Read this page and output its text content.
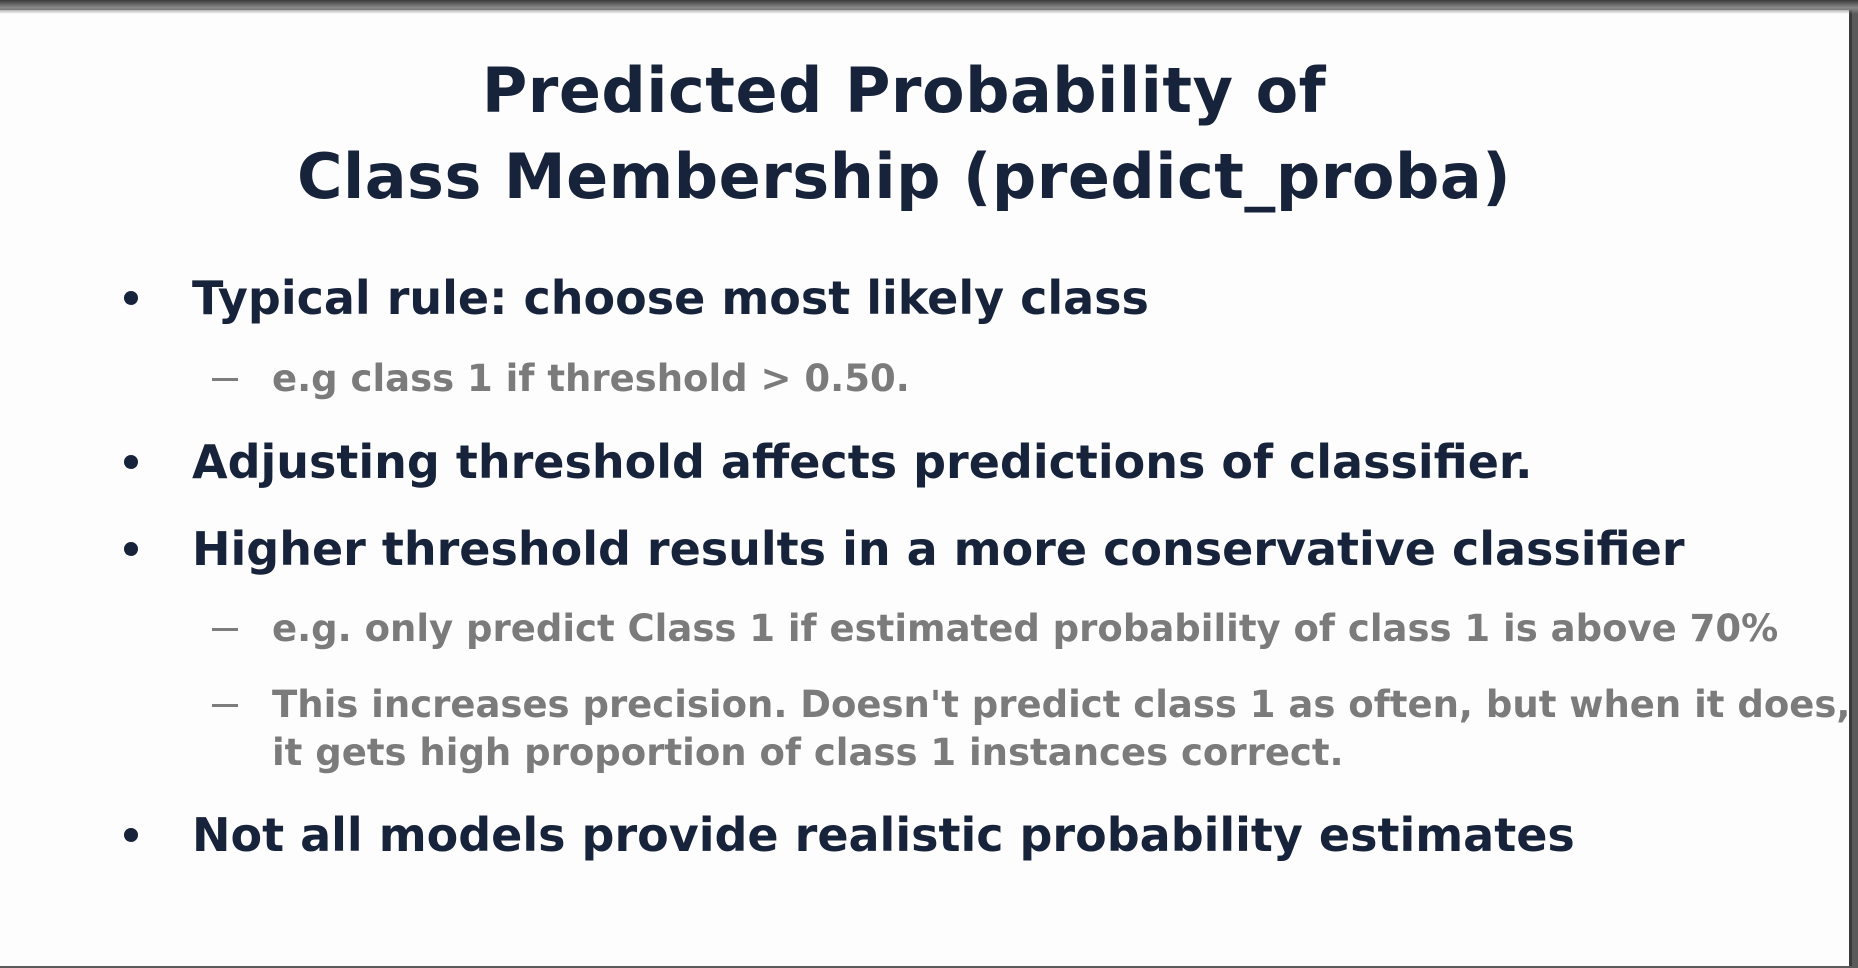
Predicted Probability of
Class Membership (predict_proba)
Typical rule: choose most likely class
e.g class 1 if threshold > 0.50.
Adjusting threshold affects predictions of classifier.
Higher threshold results in a more conservative classifier
e.g. only predict Class 1 if estimated probability of class 1 is above 70%
This increases precision. Doesn't predict class 1 as often, but when it does,
it gets high proportion of class 1 instances correct.
Not all models provide realistic probability estimates
